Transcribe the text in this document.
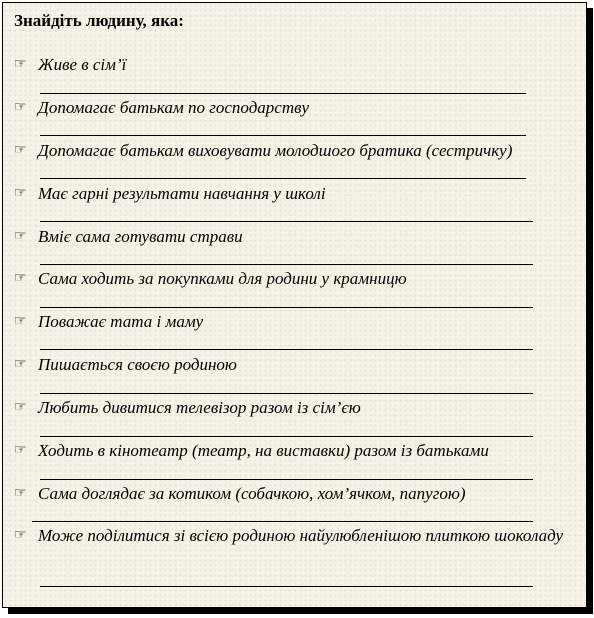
Знайдіть людину, яка:
☞ Живе в сім’ї
☞ Допомагає батькам по господарству
☞ Допомагає батькам виховувати молодшого братика (сестричку)
☞ Має гарні результати навчання у школі
☞ Вміє сама готувати страви
☞ Сама ходить за покупками для родини у крамницю
☞ Поважає тата і маму
☞ Пишається своєю родиною
☞ Любить дивитися телевізор разом із сім’єю
☞ Ходить в кінотеатр (театр, на виставки) разом із батьками
☞ Сама доглядає за котиком (собачкою, хом’ячком, папугою)
☞ Може поділитися зі всією родиною найулюбленішою плиткою шоколаду
